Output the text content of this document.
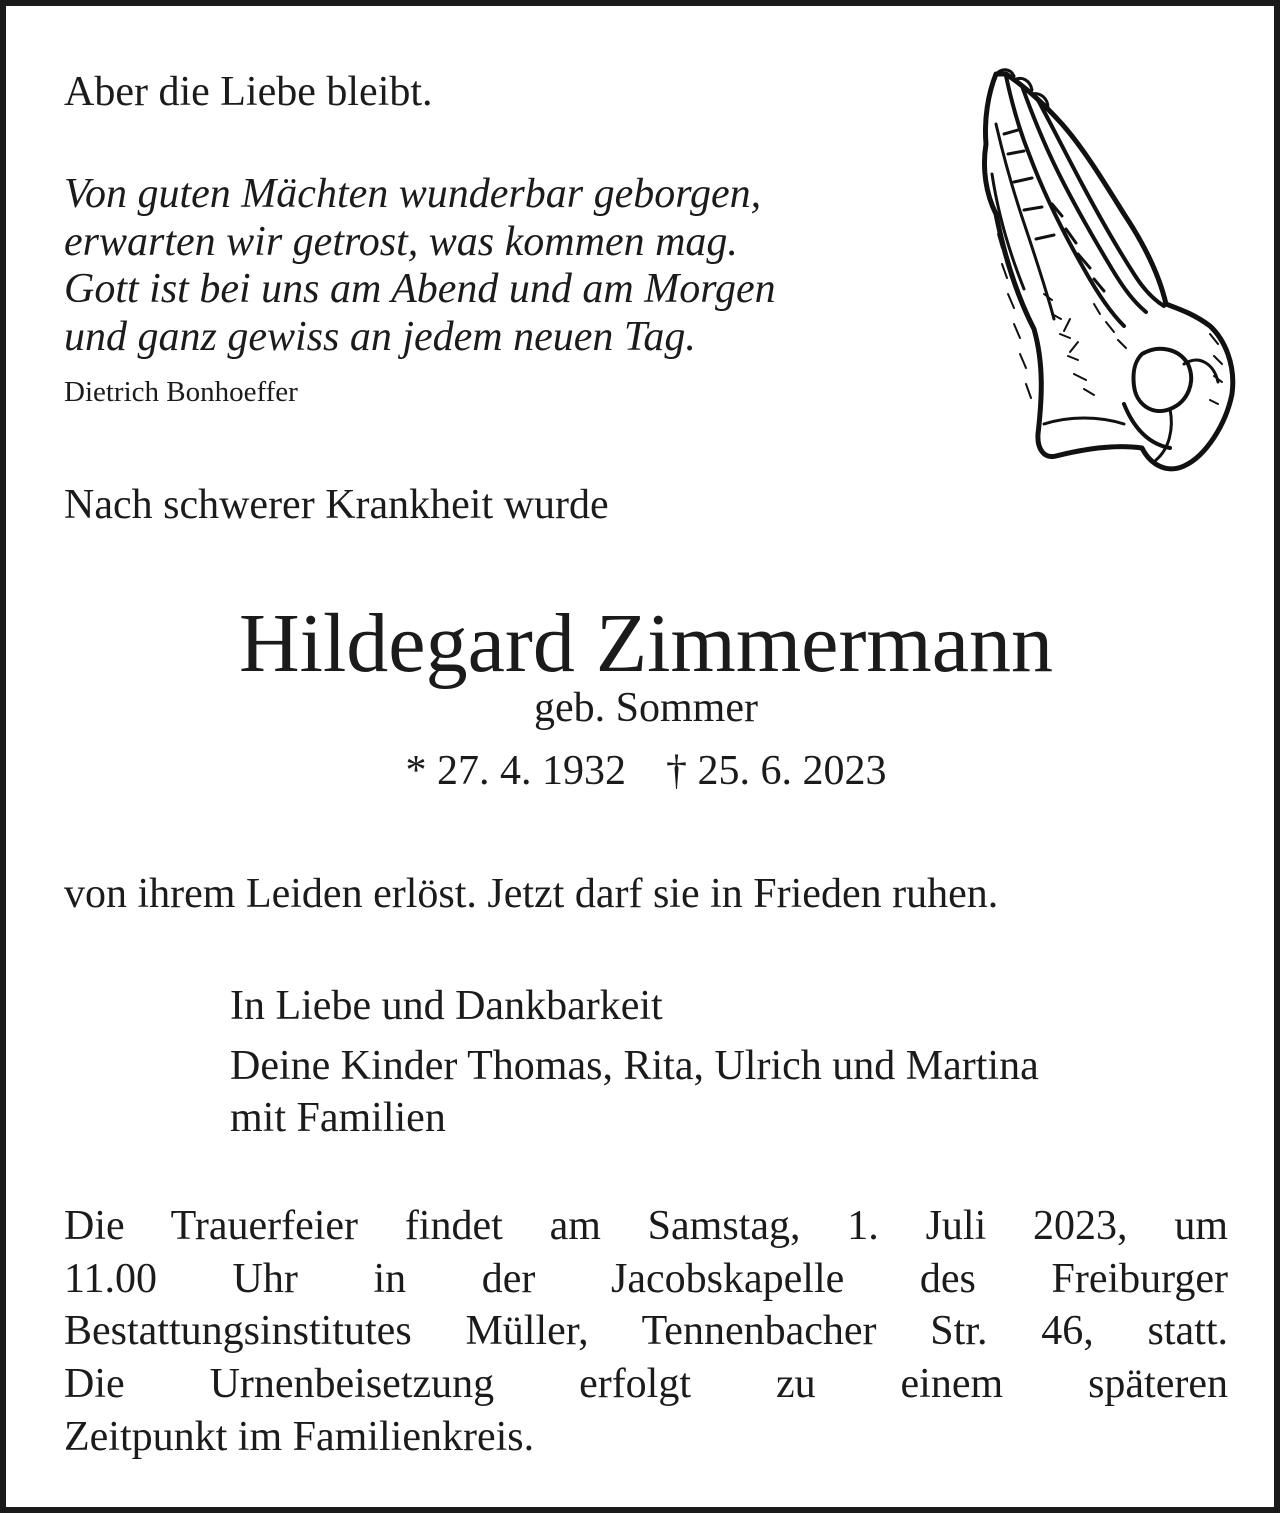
Aber die Liebe bleibt.

Von guten Mächten wunderbar geborgen,

erwarten wir getrost, was kommen mag.

Gott ist bei uns am Abend und am Morgen

und ganz gewiss an jedem neuen Tag.

Dietrich Bonhoeffer

Nach schwerer Krankheit wurde

Hildegard Zimmermann

geb. Sommer

* 27. 4. 1932 † 25. 6. 2023

von ihrem Leiden erlöst. Jetzt darf sie in Frieden ruhen.

In Liebe und Dankbarkeit

Deine Kinder Thomas, Rita, Ulrich und Martina

mit Familien

Die Trauerfeier findet am Samstag, 1. Juli 2023, um

11.00 Uhr in der Jacobskapelle des Freiburger

Bestattungsinstitutes Müller, Tennenbacher Str. 46, statt.

Die Urnenbeisetzung erfolgt zu einem späteren

Zeitpunkt im Familienkreis.
